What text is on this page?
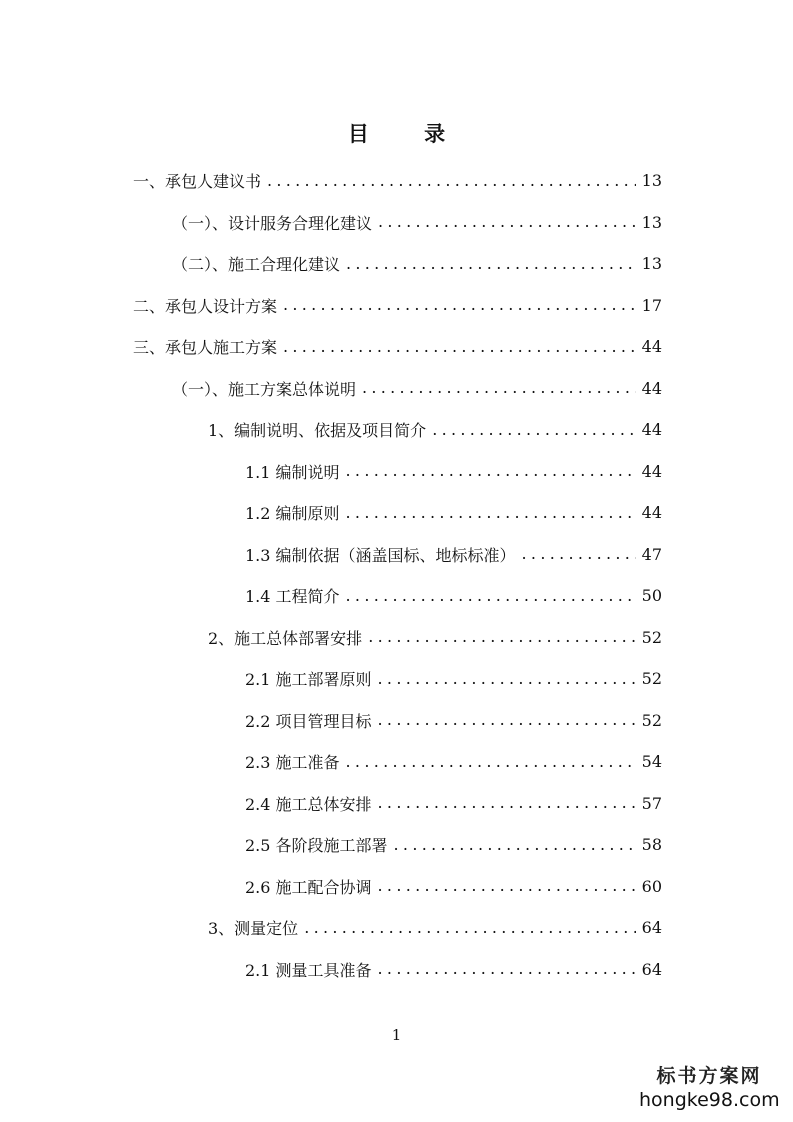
目 录
一、承包人建议书 .....	13
（一）、设计服务合理化建议 .....	13
（二）、施工合理化建议 .....	13
二、承包人设计方案 .....	17
三、承包人施工方案 .....	44
（一）、施工方案总体说明 .....	44
1、编制说明、依据及项目简介 .....	44
1.1 编制说明 .....	44
1.2 编制原则 .....	44
1.3 编制依据（涵盖国标、地标标准） .....	47
1.4 工程简介 .....	50
2、施工总体部署安排 .....	52
2.1 施工部署原则 .....	52
2.2 项目管理目标 .....	52
2.3 施工准备 .....	54
2.4 施工总体安排 .....	57
2.5 各阶段施工部署 .....	58
2.6 施工配合协调 .....	60
3、测量定位 .....	64
2.1 测量工具准备 .....	64
1
标书方案网
hongke98.com
